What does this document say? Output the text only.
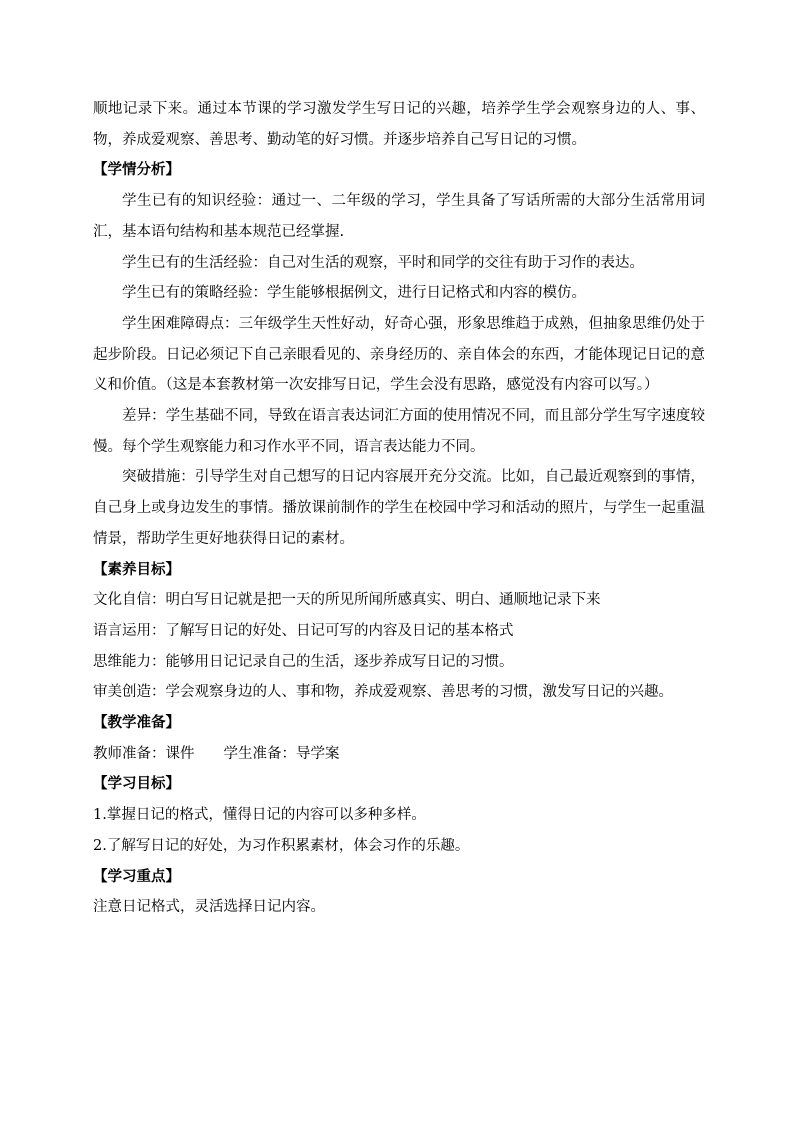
顺地记录下来。通过本节课的学习激发学生写日记的兴趣，培养学生学会观察身边的人、事、物，养成爱观察、善思考、勤动笔的好习惯。并逐步培养自己写日记的习惯。

【学情分析】

学生已有的知识经验：通过一、二年级的学习，学生具备了写话所需的大部分生活常用词汇，基本语句结构和基本规范已经掌握.

学生已有的生活经验：自己对生活的观察，平时和同学的交往有助于习作的表达。

学生已有的策略经验：学生能够根据例文，进行日记格式和内容的模仿。

学生困难障碍点：三年级学生天性好动，好奇心强，形象思维趋于成熟，但抽象思维仍处于起步阶段。日记必须记下自己亲眼看见的、亲身经历的、亲自体会的东西，才能体现记日记的意义和价值。（这是本套教材第一次安排写日记，学生会没有思路，感觉没有内容可以写。）

差异：学生基础不同，导致在语言表达词汇方面的使用情况不同，而且部分学生写字速度较慢。每个学生观察能力和习作水平不同，语言表达能力不同。

突破措施：引导学生对自己想写的日记内容展开充分交流。比如，自己最近观察到的事情，自己身上或身边发生的事情。播放课前制作的学生在校园中学习和活动的照片，与学生一起重温情景，帮助学生更好地获得日记的素材。

【素养目标】

文化自信：明白写日记就是把一天的所见所闻所感真实、明白、通顺地记录下来

语言运用：了解写日记的好处、日记可写的内容及日记的基本格式

思维能力：能够用日记记录自己的生活，逐步养成写日记的习惯。

审美创造：学会观察身边的人、事和物，养成爱观察、善思考的习惯，激发写日记的兴趣。

【教学准备】

教师准备：课件　　学生准备：导学案

【学习目标】

1.掌握日记的格式，懂得日记的内容可以多种多样。

2.了解写日记的好处，为习作积累素材，体会习作的乐趣。

【学习重点】

注意日记格式，灵活选择日记内容。
